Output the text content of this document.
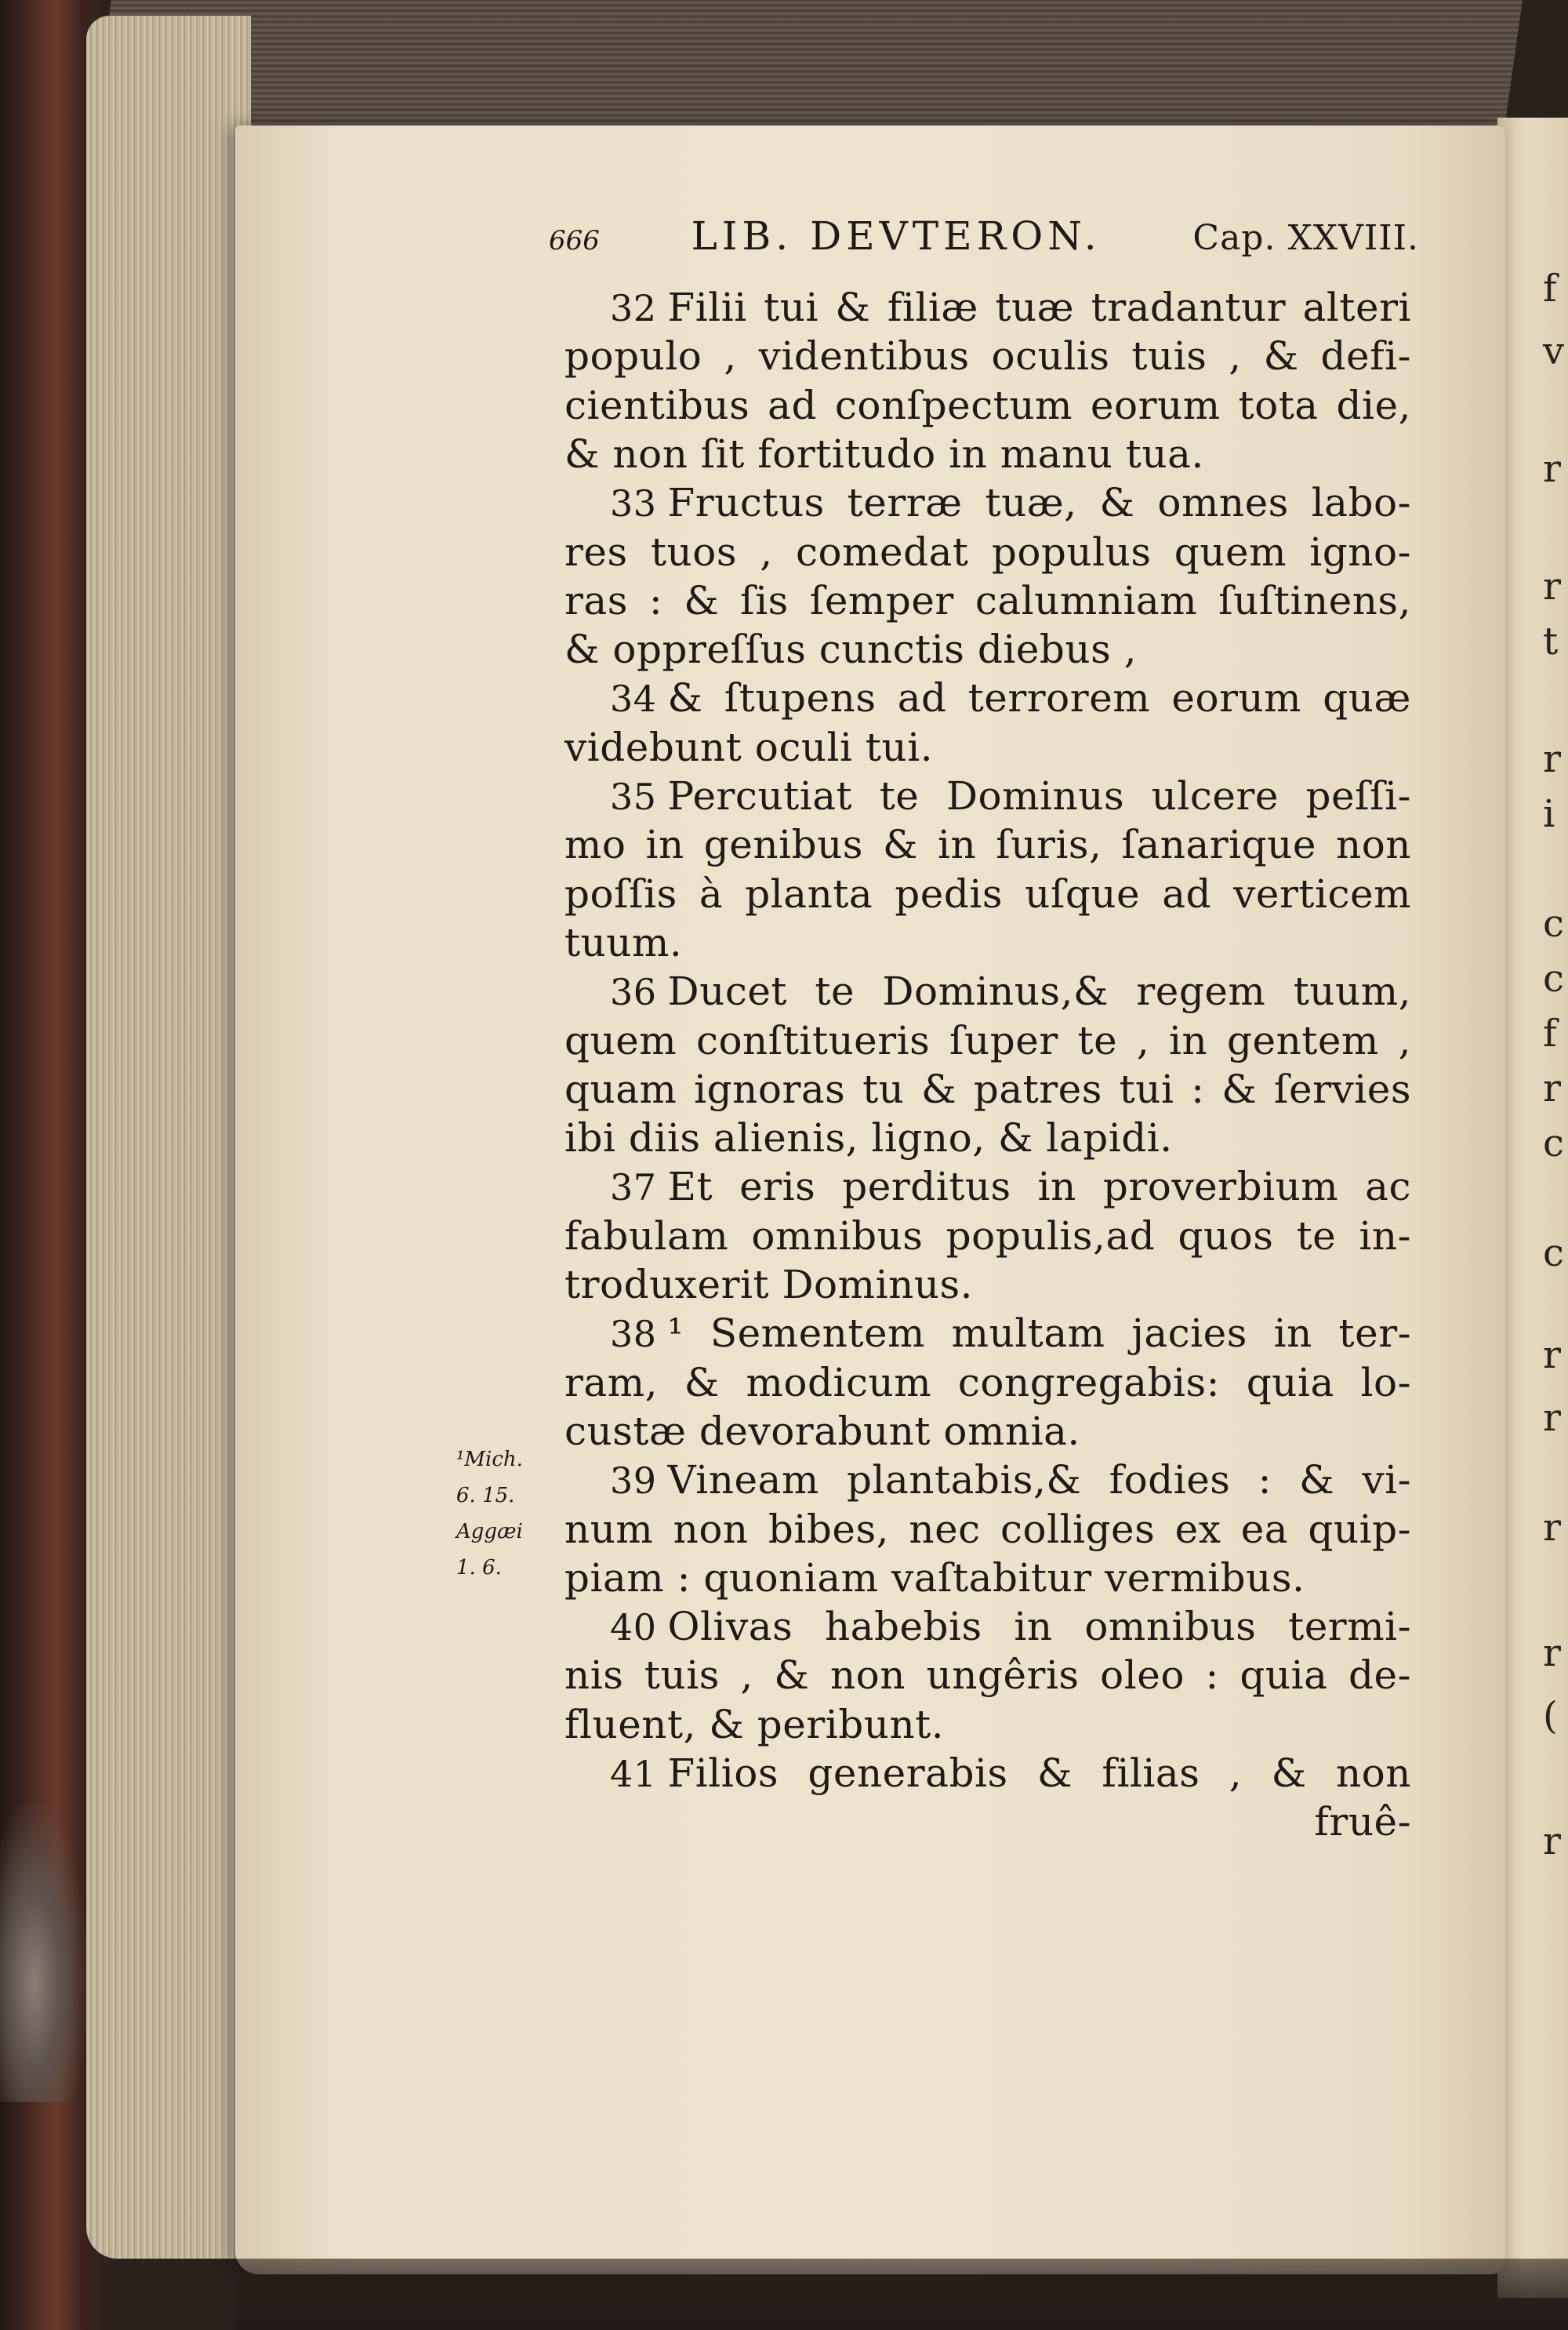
666 LIB. DEVTERON.	Cap. XXVIII.
32 Filii tui & filiæ tuæ tradantur alteri
populo , videntibus oculis tuis , & defi-
cientibus ad conſpectum eorum tota die,
& non ſit fortitudo in manu tua.
33 Fructus terræ tuæ, & omnes labo-
res tuos , comedat populus quem igno-
ras : & ſis ſemper calumniam ſuſtinens,
& oppreſſus cunctis diebus ,
34 & ſtupens ad terrorem eorum quæ
videbunt oculi tui.
35 Percutiat te Dominus ulcere peſſi-
mo in genibus & in ſuris, ſanarique non
poſſis à planta pedis uſque ad verticem
tuum.
36 Ducet te Dominus,& regem tuum,
quem conſtitueris ſuper te , in gentem ,
quam ignoras tu & patres tui : & ſervies
ibi diis alienis, ligno, & lapidi.
37 Et eris perditus in proverbium ac
fabulam omnibus populis,ad quos te in-
troduxerit Dominus.
38 ¹ Sementem multam jacies in ter-
ram, & modicum congregabis: quia lo-
custæ devorabunt omnia.
39 Vineam plantabis,& fodies : & vi-
num non bibes, nec colliges ex ea quip-
piam : quoniam vaſtabitur vermibus.
40 Olivas habebis in omnibus termi-
nis tuis , & non ungêris oleo : quia de-
fluent, & peribunt.
41 Filios generabis & filias , & non
fruê-
¹Mich.
6. 15.
Aggæi
1. 6.
f
v
r
r
t
r
i
c
c
f
r
c
c
r
r
r
r
(
r
